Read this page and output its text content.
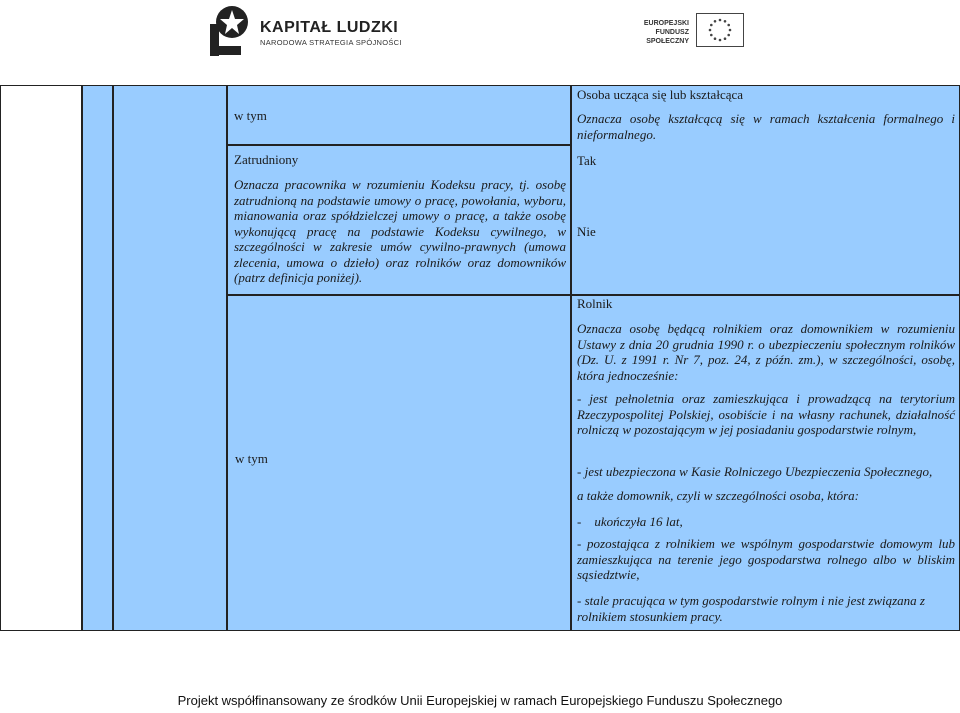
KAPITAŁ LUDZKI
NARODOWA STRATEGIA SPÓJNOŚCI
EUROPEJSKI
FUNDUSZ SPOŁECZNY
w tym
Zatrudniony
Oznacza pracownika w rozumieniu Kodeksu pracy, tj. osobę zatrudnioną na podstawie umowy o pracę, powołania, wyboru, mianowania oraz spółdzielczej umowy o pracę, a także osobę wykonującą pracę na podstawie Kodeksu cywilnego, w szczególności w zakresie umów cywilno-prawnych (umowa zlecenia, umowa o dzieło) oraz rolników oraz domowników (patrz definicja poniżej).
w tym
Osoba ucząca się lub kształcąca
Oznacza osobę kształcącą się w ramach kształcenia formalnego i nieformalnego.
Tak
Nie
Rolnik
Oznacza osobę będącą rolnikiem oraz domownikiem w rozumieniu Ustawy z dnia 20 grudnia 1990 r. o ubezpieczeniu społecznym rolników (Dz. U. z 1991 r. Nr 7, poz. 24, z późn. zm.), w szczególności, osobę, która jednocześnie:
- jest pełnoletnia oraz zamieszkująca i prowadzącą na terytorium Rzeczypospolitej Polskiej, osobiście i na własny rachunek, działalność rolniczą w pozostającym w jej posiadaniu gospodarstwie rolnym,
- jest ubezpieczona w Kasie Rolniczego Ubezpieczenia Społecznego,
a także domownik, czyli w szczególności osoba, która:
-    ukończyła 16 lat,
- pozostająca z rolnikiem we wspólnym gospodarstwie domowym lub zamieszkująca na terenie jego gospodarstwa rolnego albo w bliskim sąsiedztwie,
- stale pracująca w tym gospodarstwie rolnym i nie jest związana z rolnikiem stosunkiem pracy.
Projekt współfinansowany ze środków Unii Europejskiej w ramach Europejskiego Funduszu Społecznego
